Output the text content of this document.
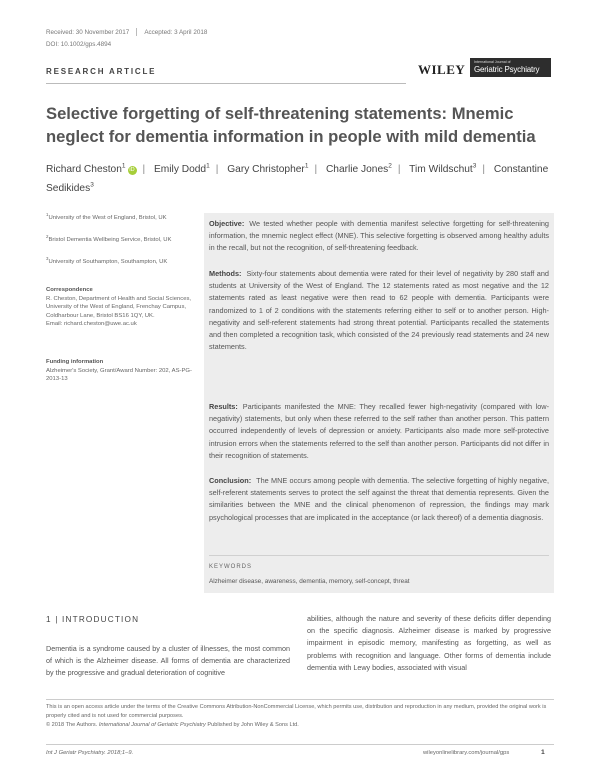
Received: 30 November 2017 Accepted: 3 April 2018
DOI: 10.1002/gps.4894
RESEARCH ARTICLE	WILEY International Journal of
Geriatric Psychiatry
Selective forgetting of self-threatening statements: Mnemic neglect for dementia information in people with mild dementia
Richard Cheston$^1$iD | Emily Dodd$^1$ | Gary Christopher$^1$ | Charlie Jones$^2$ | Tim Wildschut$^3$ | Constantine Sedikides$^3$
$^1$University of the West of England, Bristol, UK
$^2$Bristol Dementia Wellbeing Service, Bristol, UK
$^3$University of Southampton, Southampton, UK
Correspondence
R. Cheston, Department of Health and Social Sciences, University of the West of England, Frenchay Campus, Coldharbour Lane, Bristol BS16 1QY, UK.
Email: richard.cheston@uwe.ac.uk
Funding information
Alzheimer's Society, Grant/Award Number: 202, AS-PG-2013-13

Objective: We tested whether people with dementia manifest selective forgetting for self-threatening information, the mnemic neglect effect (MNE). This selective forgetting is observed among healthy adults in the recall, but not the recognition, of self-threatening feedback.

Methods: Sixty-four statements about dementia were rated for their level of negativity by 280 staff and students at University of the West of England. The 12 statements rated as most negative and the 12 statements rated as least negative were then read to 62 people with dementia. Participants were randomized to 1 of 2 conditions with the statements referring either to self or to another person. High-negativity and self-referent statements had strong threat potential. Participants recalled the statements and then completed a recognition task, which consisted of the 24 previously read statements and 24 new statements.

Results: Participants manifested the MNE: They recalled fewer high-negativity (compared with low-negativity) statements, but only when these referred to the self rather than another person. This pattern occurred independently of levels of depression or anxiety. Participants also made more self-protective intrusion errors when the statements referred to the self than another person. Participants did not differ in their recognition of statements.

Conclusion: The MNE occurs among people with dementia. The selective forgetting of highly negative, self-referent statements serves to protect the self against the threat that dementia represents. Given the similarities between the MNE and the clinical phenomenon of repression, the findings may mark psychological processes that are implicated in the acceptance (or lack thereof) of a dementia diagnosis.

KEYWORDS
Alzheimer disease, awareness, dementia, memory, self-concept, threat
1 | INTRODUCTION

Dementia is a syndrome caused by a cluster of illnesses, the most common of which is the Alzheimer disease. All forms of dementia are characterized by the progressive and gradual deterioration of cognitive

abilities, although the nature and severity of these deficits differ depending on the specific diagnosis. Alzheimer disease is marked by progressive impairment in episodic memory, manifesting as forgetting, as well as problems with recognition and language. Other forms of dementia include dementia with Lewy bodies, associated with visual

This is an open access article under the terms of the Creative Commons Attribution-NonCommercial License, which permits use, distribution and reproduction in any medium, provided the original work is properly cited and is not used for commercial purposes.
© 2018 The Authors. International Journal of Geriatric Psychiatry Published by John Wiley & Sons Ltd.
Int J Geriatr Psychiatry. 2018;1–9.	wileyonlinelibrary.com/journal/gps	1
